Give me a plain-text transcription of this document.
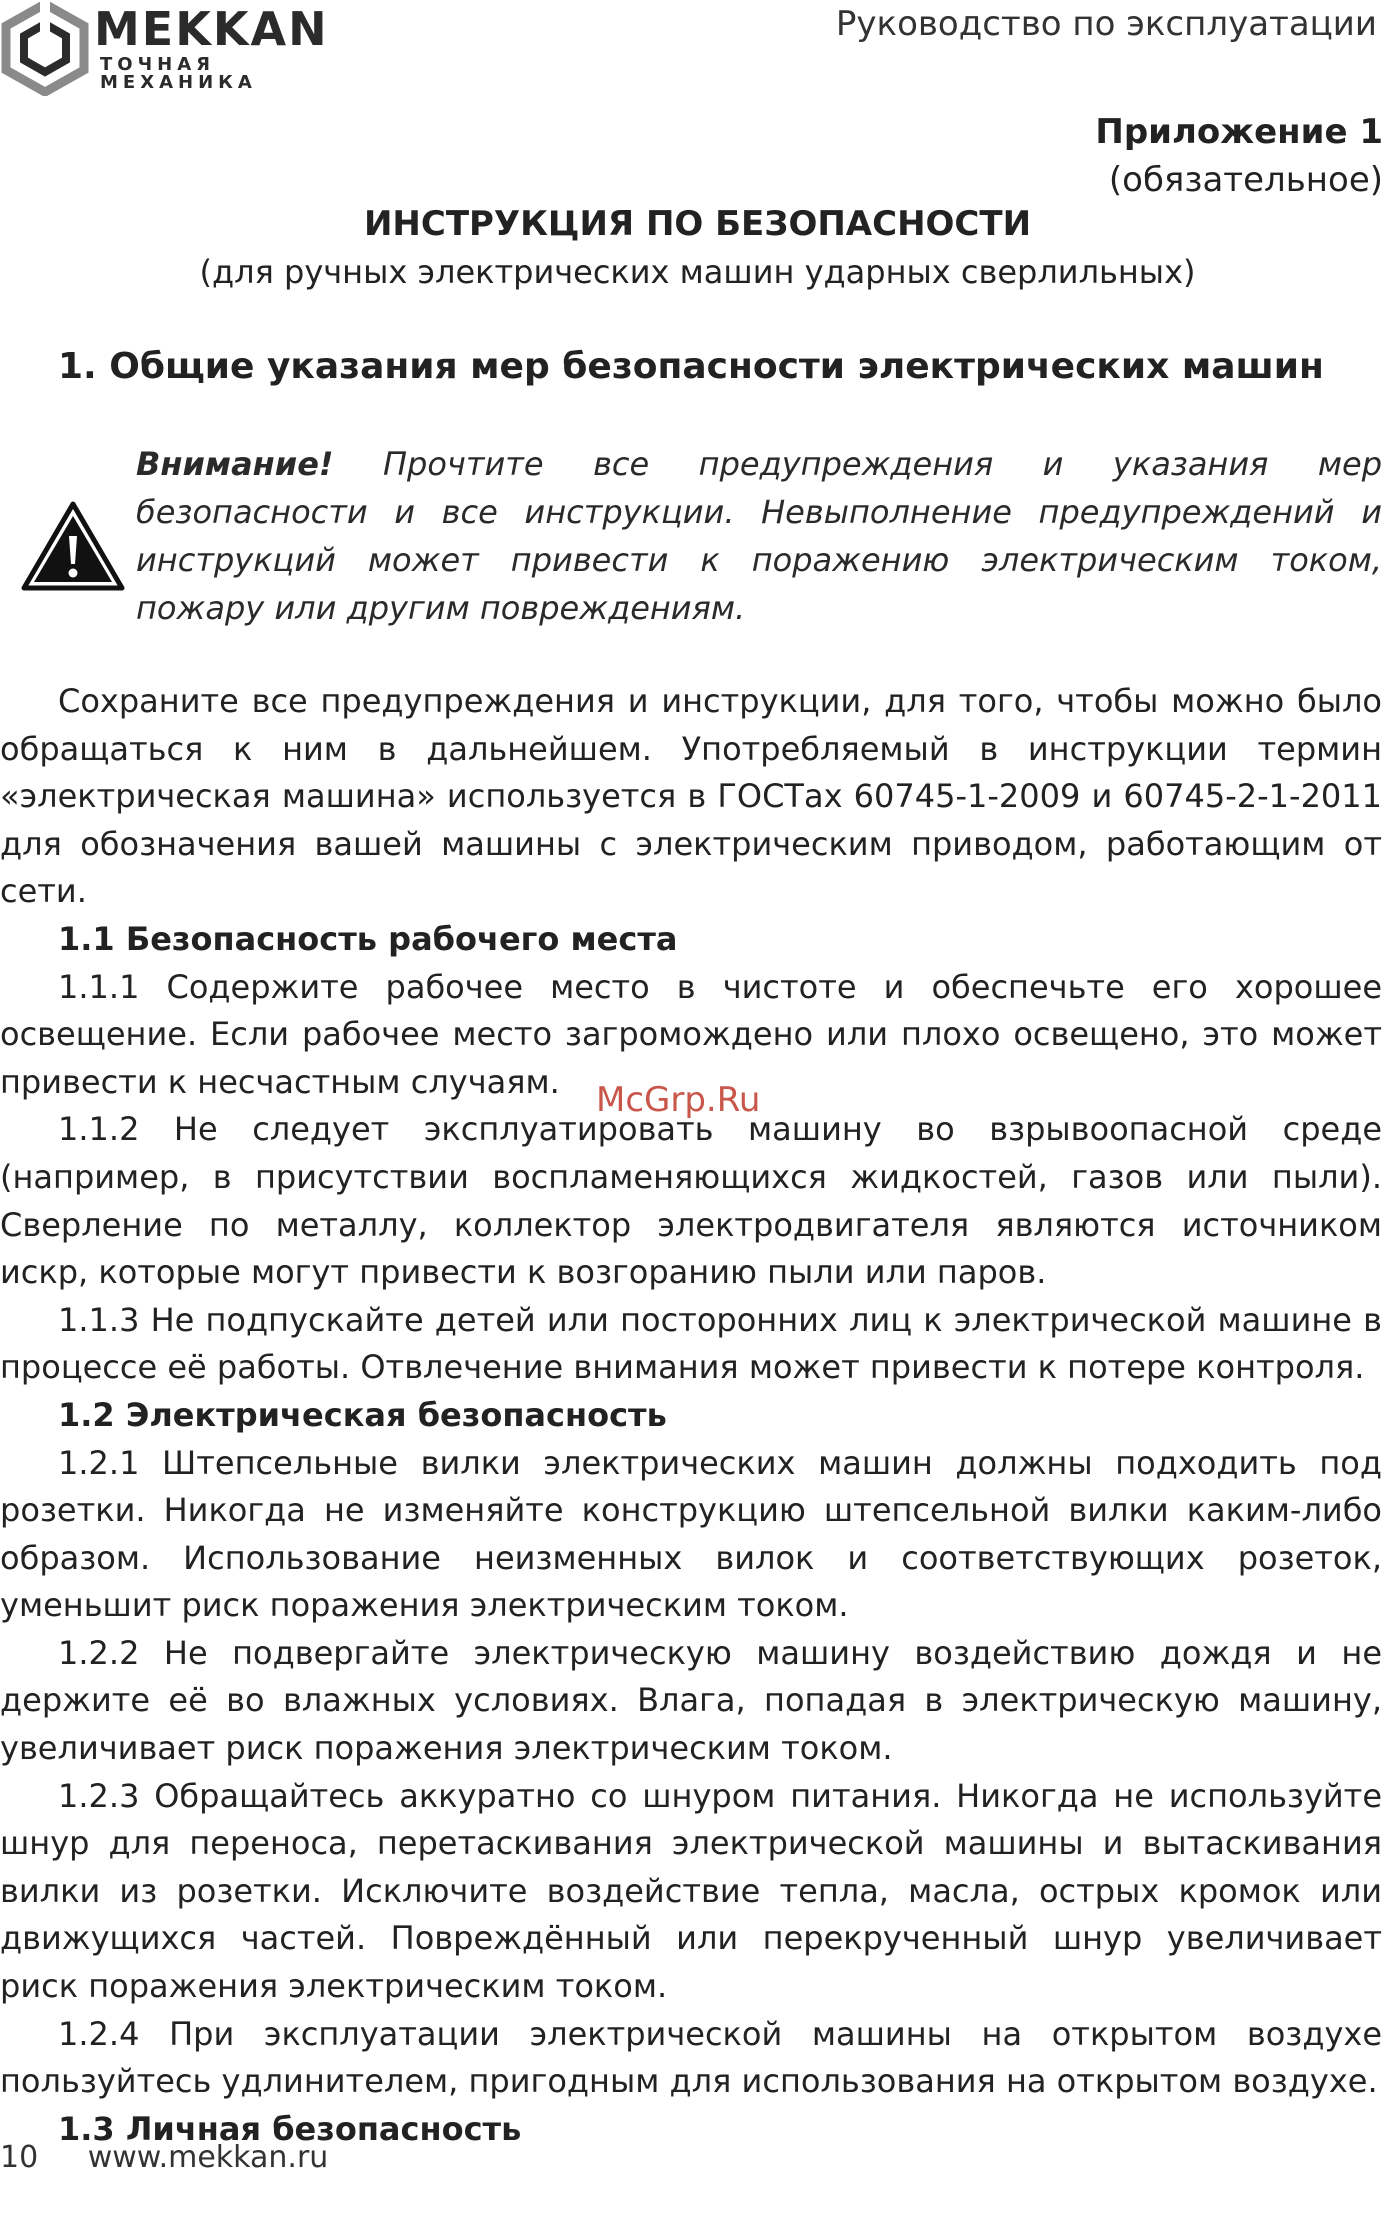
MEKKAN
ТОЧНАЯ МЕХАНИКА
Руководство по эксплуатации
Приложение 1
(обязательное)
ИНСТРУКЦИЯ ПО БЕЗОПАСНОСТИ
(для ручных электрических машин ударных сверлильных)
1. Общие указания мер безопасности электрических машин
Внимание! Прочтите все предупреждения и указания мер безопасности и все инструкции. Невыполнение предупреждений и инструкций может привести к поражению электрическим током, пожару или другим повреждениям.

Сохраните все предупреждения и инструкции, для того, чтобы можно было обращаться к ним в дальнейшем. Употребляемый в инструкции термин «электрическая машина» используется в ГОСТах 60745-1-2009 и 60745-2-1-2011 для обозначения вашей машины с электрическим приводом, работающим от сети.

1.1 Безопасность рабочего места

1.1.1 Содержите рабочее место в чистоте и обеспечьте его хорошее освещение. Если рабочее место загромождено или плохо освещено, это может привести к несчастным случаям.

1.1.2 Не следует эксплуатировать машину во взрывоопасной среде (например, в присутствии воспламеняющихся жидкостей, газов или пыли). Сверление по металлу, коллектор электродвигателя являются источником искр, которые могут привести к возгоранию пыли или паров.

1.1.3 Не подпускайте детей или посторонних лиц к электрической машине в процессе её работы. Отвлечение внимания может привести к потере контроля.

1.2 Электрическая безопасность

1.2.1 Штепсельные вилки электрических машин должны подходить под розетки. Никогда не изменяйте конструкцию штепсельной вилки каким-либо образом. Использование неизменных вилок и соответствующих розеток, уменьшит риск поражения электрическим током.

1.2.2 Не подвергайте электрическую машину воздействию дождя и не держите её во влажных условиях. Влага, попадая в электрическую машину, увеличивает риск поражения электрическим током.

1.2.3 Обращайтесь аккуратно со шнуром питания. Никогда не используйте шнур для переноса, перетаскивания электрической машины и вытаскивания вилки из розетки. Исключите воздействие тепла, масла, острых кромок или движущихся частей. Повреждённый или перекрученный шнур увеличивает риск поражения электрическим током.

1.2.4 При эксплуатации электрической машины на открытом воздухе пользуйтесь удлинителем, пригодным для использования на открытом воздухе.

1.3 Личная безопасность
McGrp.Ru
10 www.mekkan.ru
